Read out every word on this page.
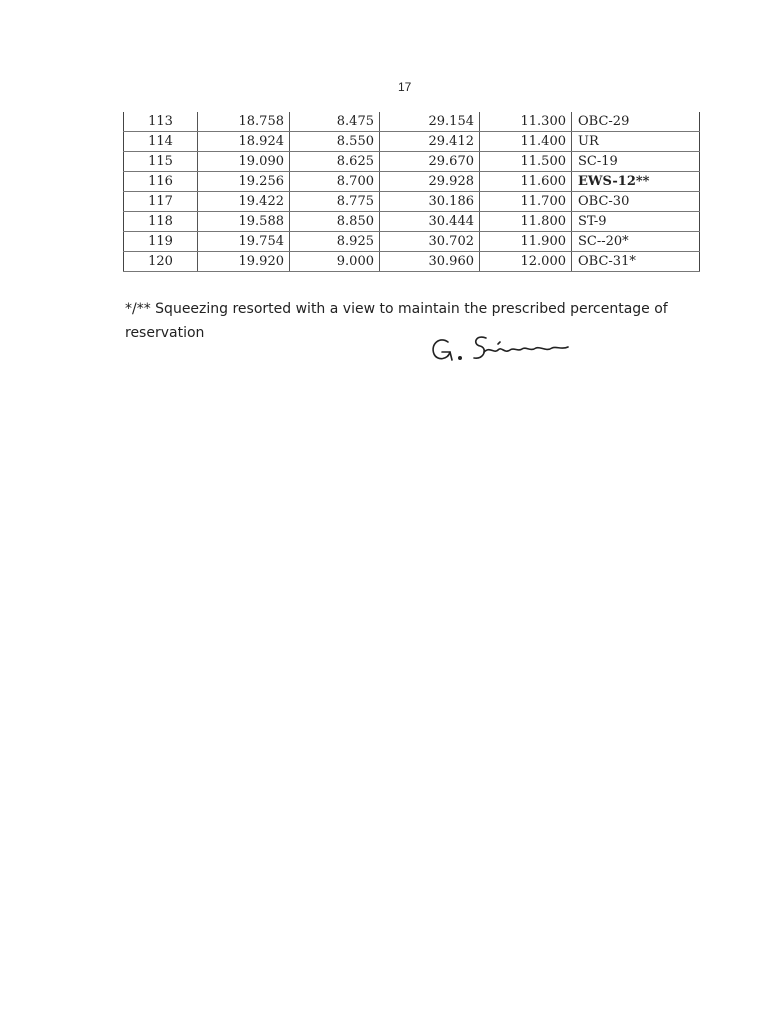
17
113	18.758	8.475	29.154	11.300	OBC-29
114	18.924	8.550	29.412	11.400	UR
115	19.090	8.625	29.670	11.500	SC-19
116	19.256	8.700	29.928	11.600	EWS-12**
117	19.422	8.775	30.186	11.700	OBC-30
118	19.588	8.850	30.444	11.800	ST-9
119	19.754	8.925	30.702	11.900	SC--20*
120	19.920	9.000	30.960	12.000	OBC-31*
*/** Squeezing resorted with a view to maintain the prescribed percentage of reservation
